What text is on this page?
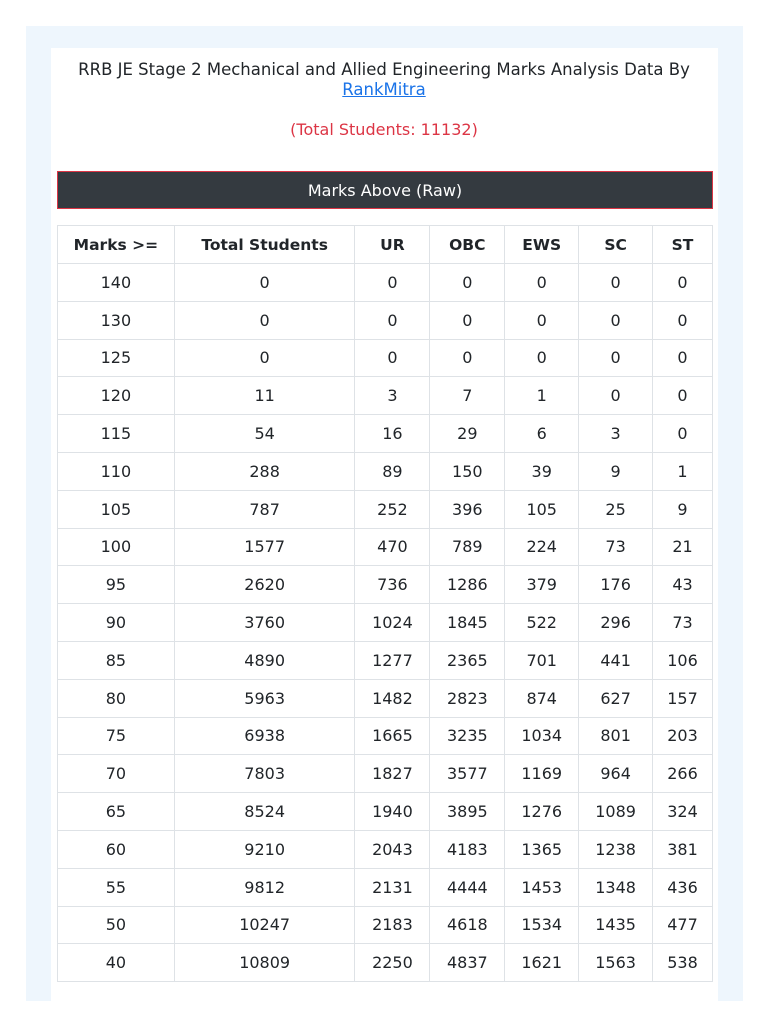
RRB JE Stage 2 Mechanical and Allied Engineering Marks Analysis Data By
RankMitra
(Total Students: 11132)
Marks Above (Raw)
Marks >=	Total Students	UR	OBC	EWS	SC	ST
140	0	0	0	0	0	0
130	0	0	0	0	0	0
125	0	0	0	0	0	0
120	11	3	7	1	0	0
115	54	16	29	6	3	0
110	288	89	150	39	9	1
105	787	252	396	105	25	9
100	1577	470	789	224	73	21
95	2620	736	1286	379	176	43
90	3760	1024	1845	522	296	73
85	4890	1277	2365	701	441	106
80	5963	1482	2823	874	627	157
75	6938	1665	3235	1034	801	203
70	7803	1827	3577	1169	964	266
65	8524	1940	3895	1276	1089	324
60	9210	2043	4183	1365	1238	381
55	9812	2131	4444	1453	1348	436
50	10247	2183	4618	1534	1435	477
40	10809	2250	4837	1621	1563	538
